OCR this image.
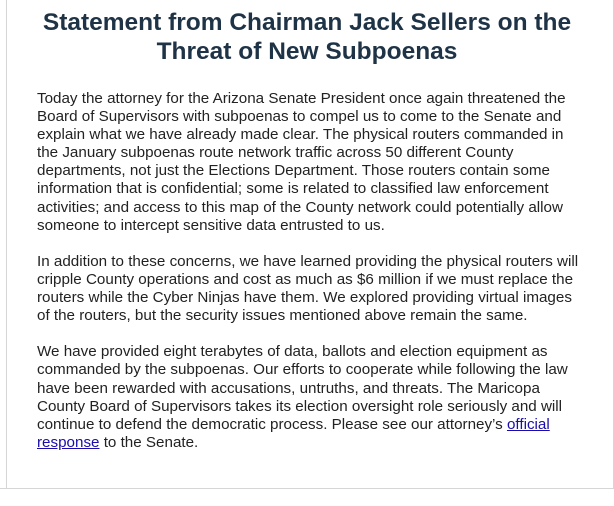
Statement from Chairman Jack Sellers on the Threat of New Subpoenas

Today the attorney for the Arizona Senate President once again threatened the Board of Supervisors with subpoenas to compel us to come to the Senate and explain what we have already made clear. The physical routers commanded in the January subpoenas route network traffic across 50 different County departments, not just the Elections Department. Those routers contain some information that is confidential; some is related to classified law enforcement activities; and access to this map of the County network could potentially allow someone to intercept sensitive data entrusted to us.

In addition to these concerns, we have learned providing the physical routers will cripple County operations and cost as much as $6 million if we must replace the routers while the Cyber Ninjas have them. We explored providing virtual images of the routers, but the security issues mentioned above remain the same.

We have provided eight terabytes of data, ballots and election equipment as commanded by the subpoenas. Our efforts to cooperate while following the law have been rewarded with accusations, untruths, and threats. The Maricopa County Board of Supervisors takes its election oversight role seriously and will continue to defend the democratic process. Please see our attorney’s official response to the Senate.
